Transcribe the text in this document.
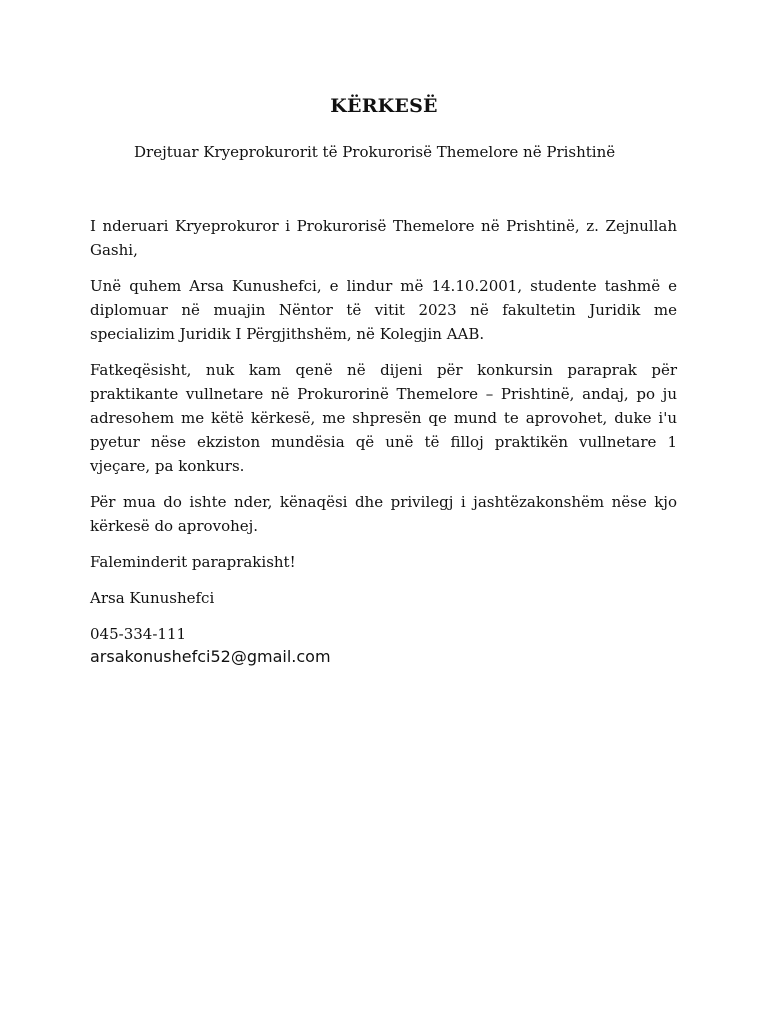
KËRKESË

Drejtuar Kryeprokurorit të Prokurorisë Themelore në Prishtinë

I nderuari Kryeprokuror i Prokurorisë Themelore në Prishtinë, z. Zejnullah Gashi,

Unë quhem Arsa Kunushefci, e lindur më 14.10.2001, studente tashmë e diplomuar në muajin Nëntor të vitit 2023 në fakultetin Juridik me specializim Juridik I Përgjithshëm, në Kolegjin AAB.

Fatkeqësisht, nuk kam qenë në dijeni për konkursin paraprak për praktikante vullnetare në Prokurorinë Themelore – Prishtinë, andaj, po ju adresohem me këtë kërkesë, me shpresën qe mund te aprovohet, duke i'u pyetur nëse ekziston mundësia që unë të filloj praktikën vullnetare 1 vjeçare, pa konkurs.

Për mua do ishte nder, kënaqësi dhe privilegj i jashtëzakonshëm nëse kjo kërkesë do aprovohej.

Faleminderit paraprakisht!

Arsa Kunushefci

045-334-111

arsakonushefci52@gmail.com
